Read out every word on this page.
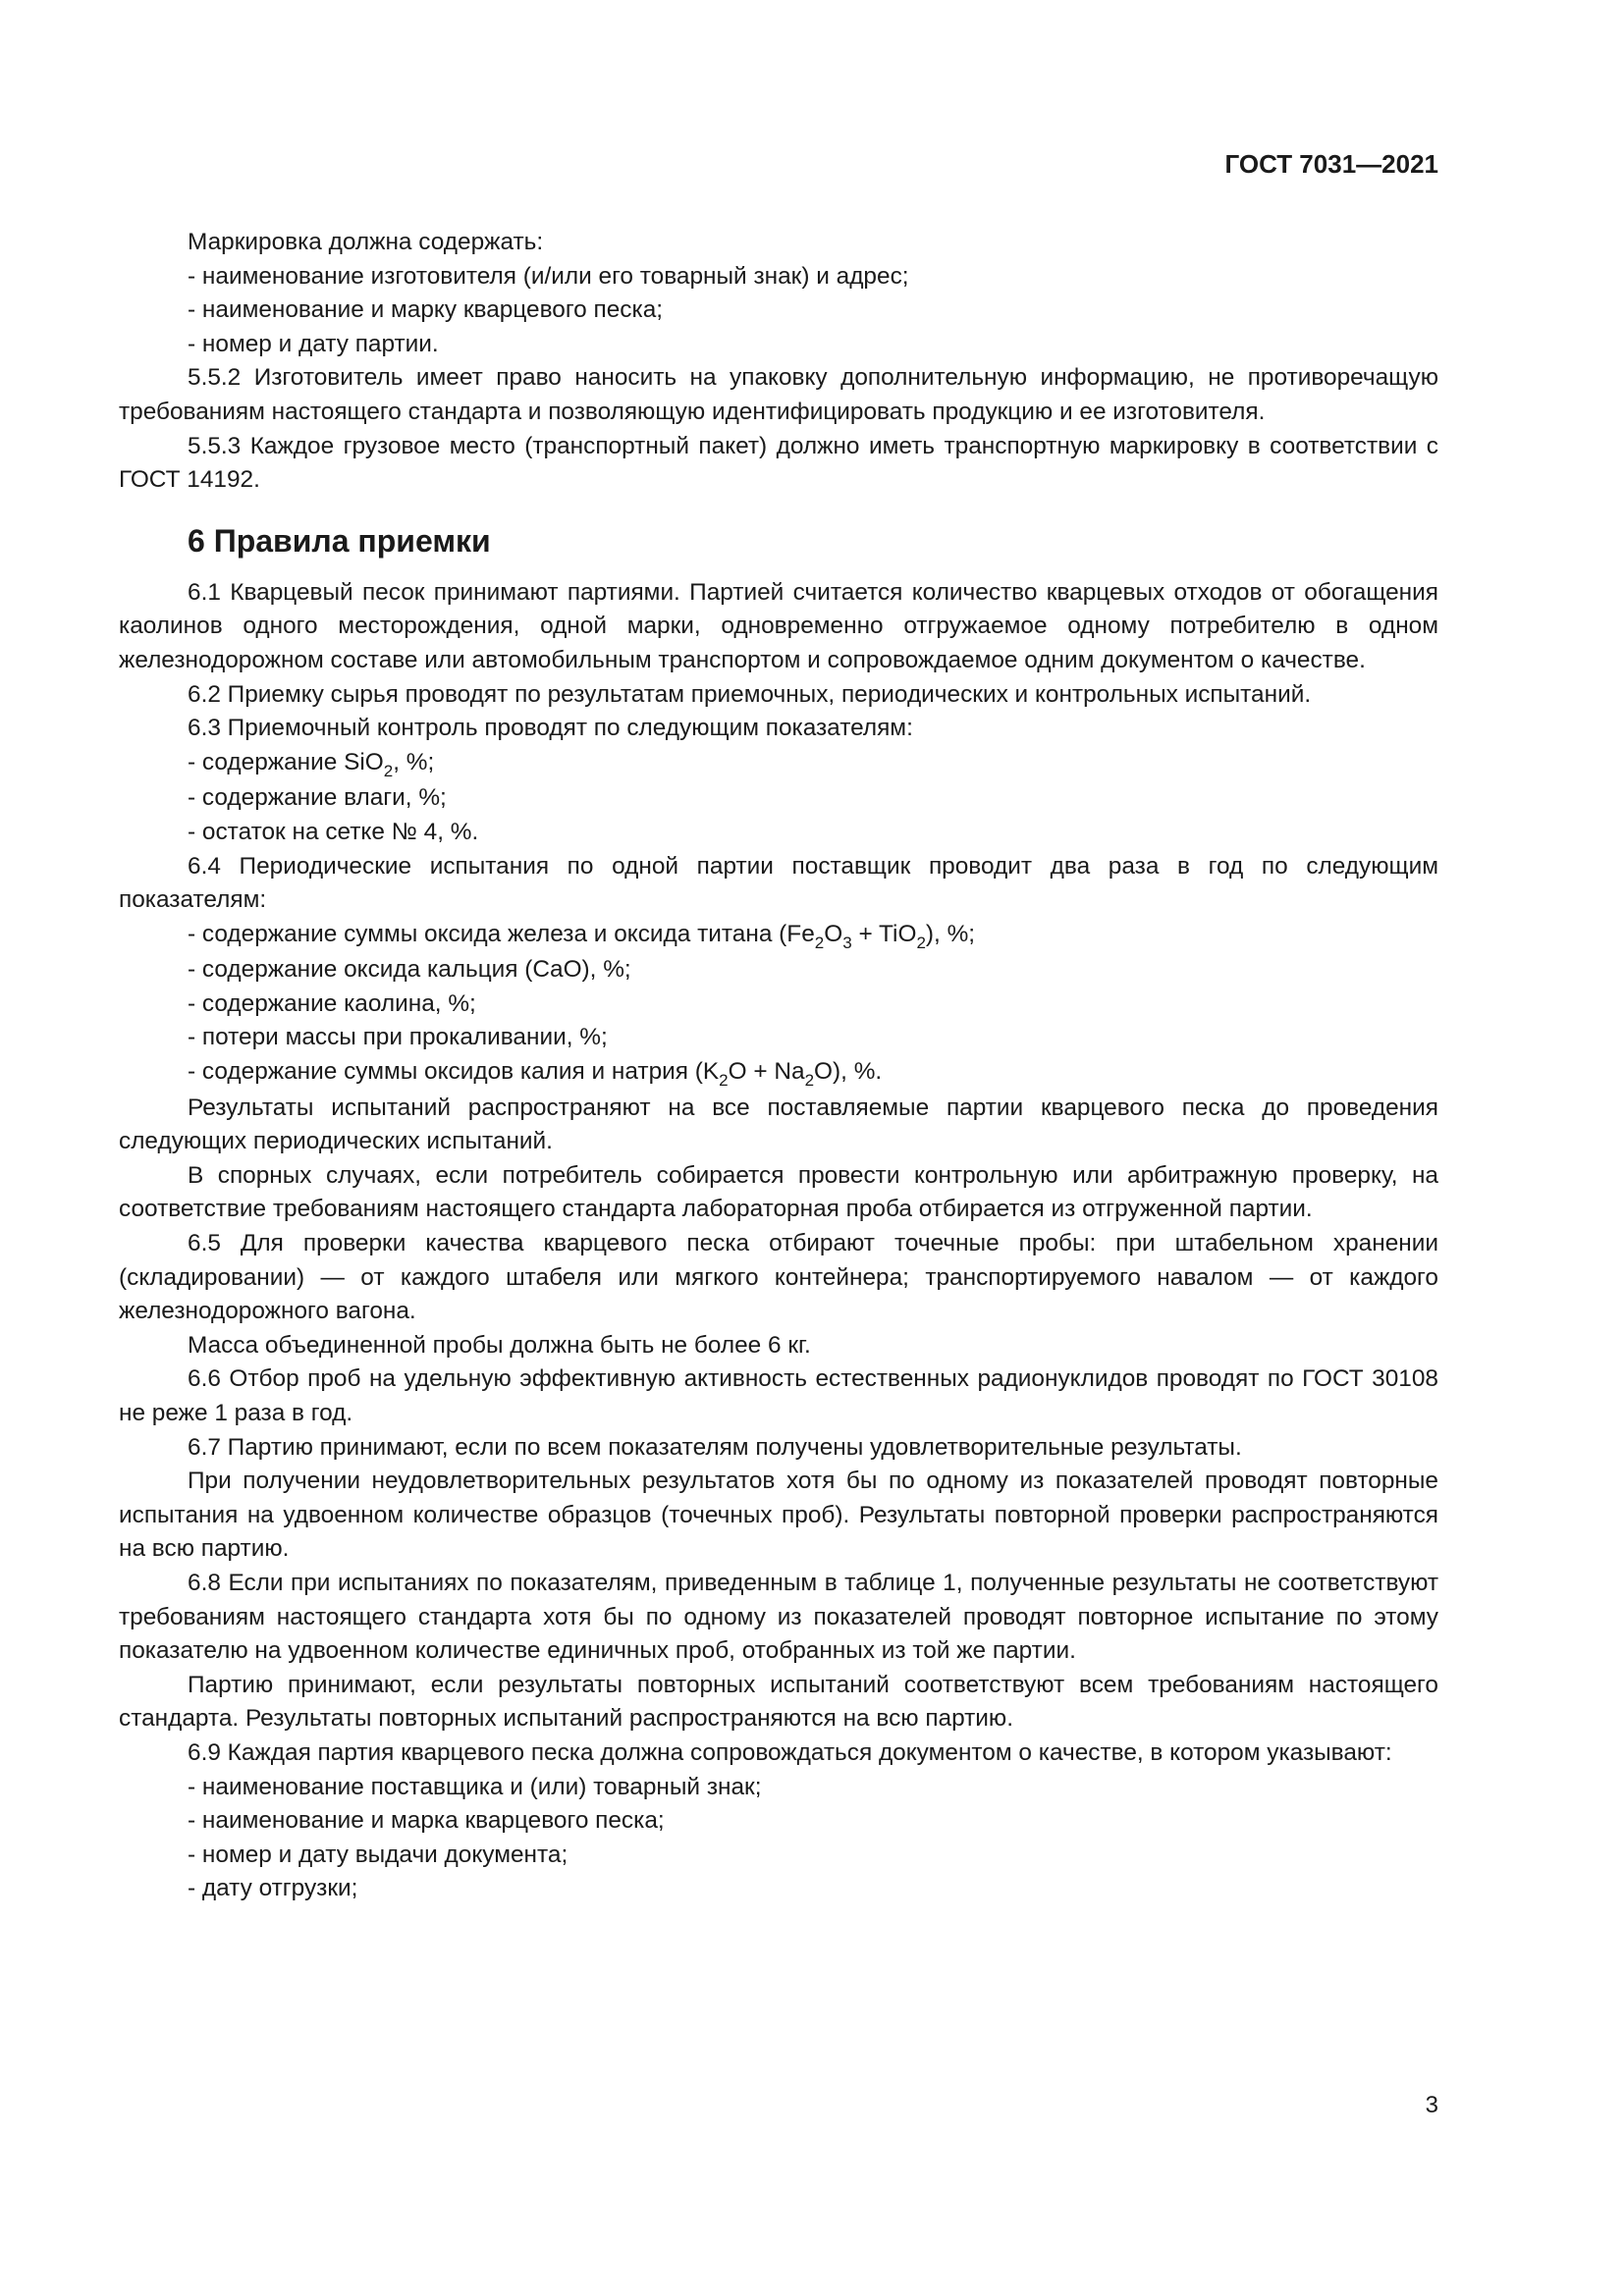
ГОСТ 7031—2021

Маркировка должна содержать:

- наименование изготовителя (и/или его товарный знак) и адрес;

- наименование и марку кварцевого песка;

- номер и дату партии.

5.5.2 Изготовитель имеет право наносить на упаковку дополнительную информацию, не противоречащую требованиям настоящего стандарта и позволяющую идентифицировать продукцию и ее изготовителя.

5.5.3 Каждое грузовое место (транспортный пакет) должно иметь транспортную маркировку в соответствии с ГОСТ 14192.

6 Правила приемки

6.1 Кварцевый песок принимают партиями. Партией считается количество кварцевых отходов от обогащения каолинов одного месторождения, одной марки, одновременно отгружаемое одному потребителю в одном железнодорожном составе или автомобильным транспортом и сопровождаемое одним документом о качестве.

6.2 Приемку сырья проводят по результатам приемочных, периодических и контрольных испытаний.

6.3 Приемочный контроль проводят по следующим показателям:

- содержание SiO$_2$, %;

- содержание влаги, %;

- остаток на сетке № 4, %.

6.4 Периодические испытания по одной партии поставщик проводит два раза в год по следующим показателям:

- содержание суммы оксида железа и оксида титана $(Fe_2O_3 + TiO_2)$, %;

- содержание оксида кальция (CaO), %;

- содержание каолина, %;

- потери массы при прокаливании, %;

- содержание суммы оксидов калия и натрия $(K_2O + Na_2O)$, %.

Результаты испытаний распространяют на все поставляемые партии кварцевого песка до проведения следующих периодических испытаний.

В спорных случаях, если потребитель собирается провести контрольную или арбитражную проверку, на соответствие требованиям настоящего стандарта лабораторная проба отбирается из отгруженной партии.

6.5 Для проверки качества кварцевого песка отбирают точечные пробы: при штабельном хранении (складировании) — от каждого штабеля или мягкого контейнера; транспортируемого навалом — от каждого железнодорожного вагона.

Масса объединенной пробы должна быть не более 6 кг.

6.6 Отбор проб на удельную эффективную активность естественных радионуклидов проводят по ГОСТ 30108 не реже 1 раза в год.

6.7 Партию принимают, если по всем показателям получены удовлетворительные результаты.

При получении неудовлетворительных результатов хотя бы по одному из показателей проводят повторные испытания на удвоенном количестве образцов (точечных проб). Результаты повторной проверки распространяются на всю партию.

6.8 Если при испытаниях по показателям, приведенным в таблице 1, полученные результаты не соответствуют требованиям настоящего стандарта хотя бы по одному из показателей проводят повторное испытание по этому показателю на удвоенном количестве единичных проб, отобранных из той же партии.

Партию принимают, если результаты повторных испытаний соответствуют всем требованиям настоящего стандарта. Результаты повторных испытаний распространяются на всю партию.

6.9 Каждая партия кварцевого песка должна сопровождаться документом о качестве, в котором указывают:

- наименование поставщика и (или) товарный знак;

- наименование и марка кварцевого песка;

- номер и дату выдачи документа;

- дату отгрузки;

3
